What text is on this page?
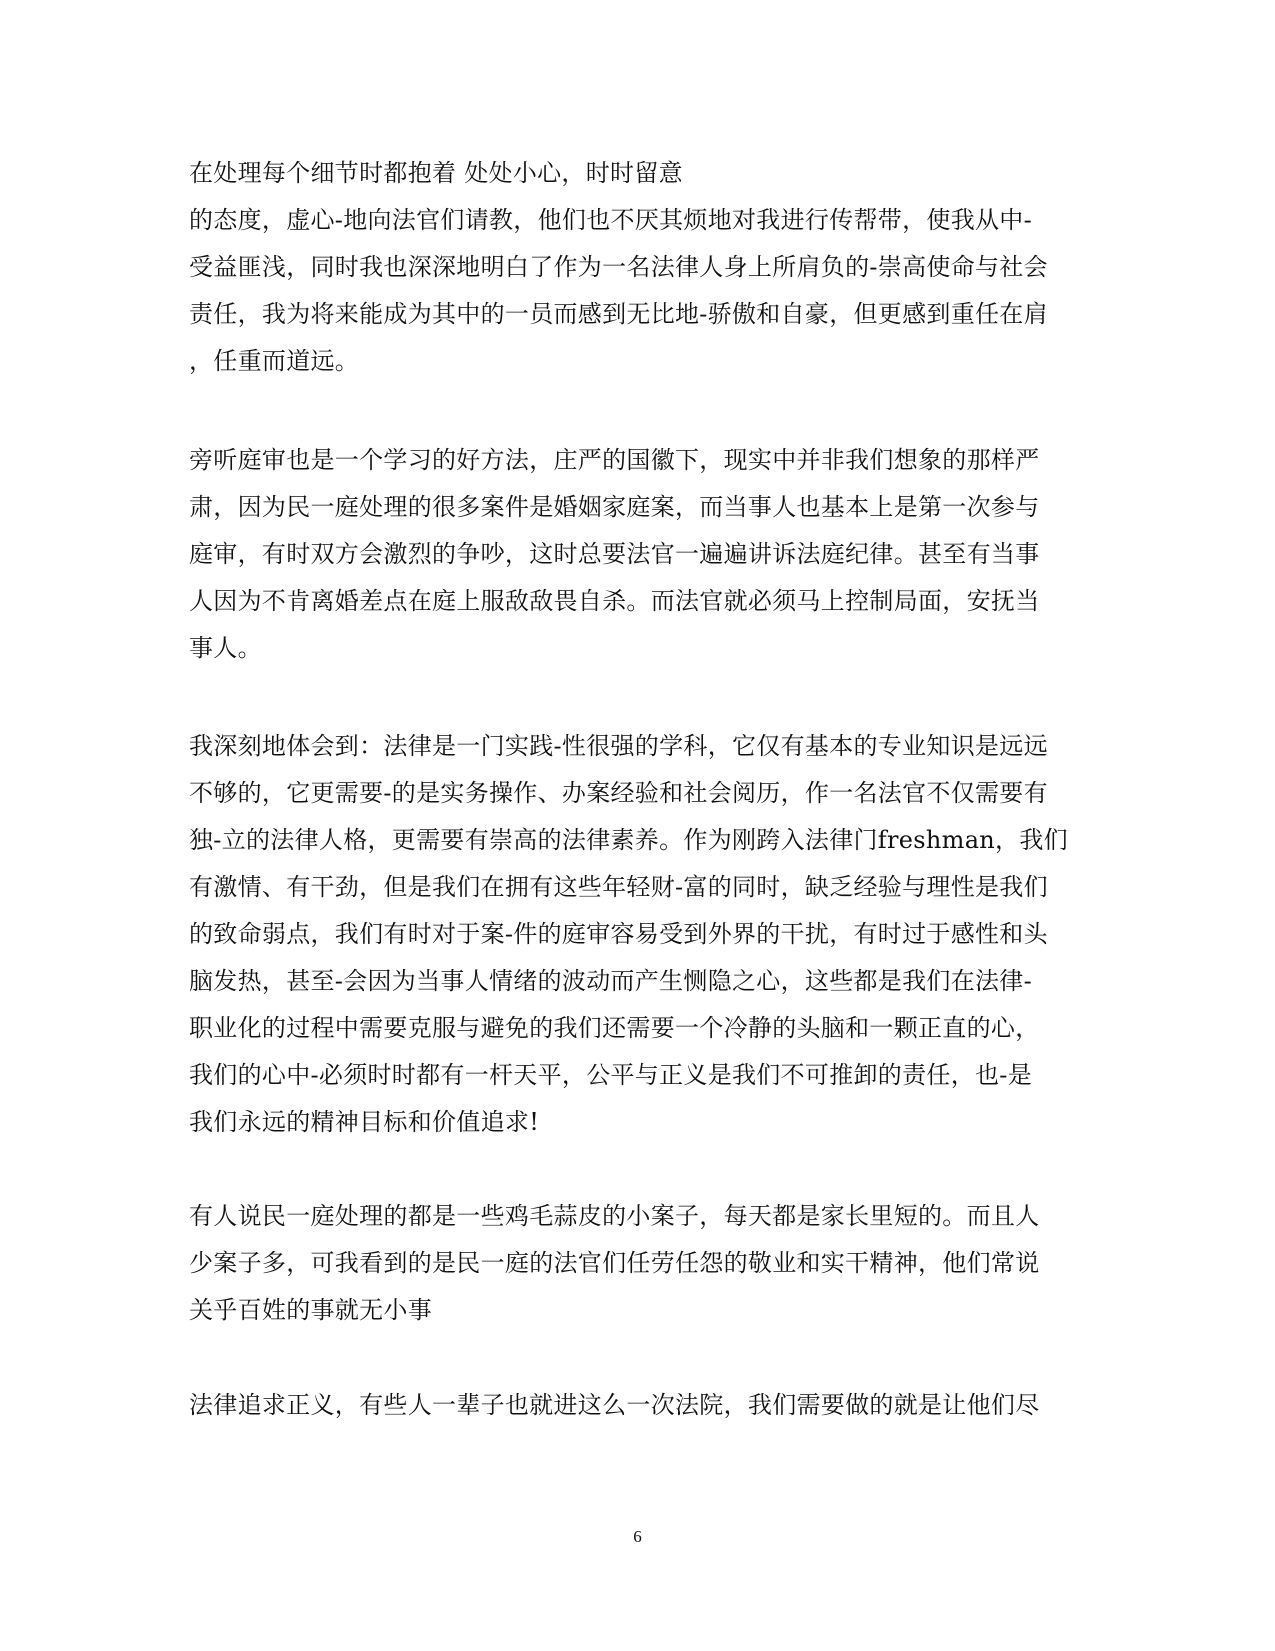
在处理每个细节时都抱着 处处小心，时时留意
的态度，虚心-地向法官们请教，他们也不厌其烦地对我进行传帮带，使我从中-
受益匪浅，同时我也深深地明白了作为一名法律人身上所肩负的-崇高使命与社会
责任，我为将来能成为其中的一员而感到无比地-骄傲和自豪，但更感到重任在肩
，任重而道远。
旁听庭审也是一个学习的好方法，庄严的国徽下，现实中并非我们想象的那样严
肃，因为民一庭处理的很多案件是婚姻家庭案，而当事人也基本上是第一次参与
庭审，有时双方会激烈的争吵，这时总要法官一遍遍讲诉法庭纪律。甚至有当事
人因为不肯离婚差点在庭上服敌敌畏自杀。而法官就必须马上控制局面，安抚当
事人。
我深刻地体会到：法律是一门实践-性很强的学科，它仅有基本的专业知识是远远
不够的，它更需要-的是实务操作、办案经验和社会阅历，作一名法官不仅需要有
独-立的法律人格，更需要有崇高的法律素养。作为刚跨入法律门freshman，我们
有激情、有干劲，但是我们在拥有这些年轻财-富的同时，缺乏经验与理性是我们
的致命弱点，我们有时对于案-件的庭审容易受到外界的干扰，有时过于感性和头
脑发热，甚至-会因为当事人情绪的波动而产生恻隐之心，这些都是我们在法律-
职业化的过程中需要克服与避免的我们还需要一个冷静的头脑和一颗正直的心，
我们的心中-必须时时都有一杆天平，公平与正义是我们不可推卸的责任，也-是
我们永远的精神目标和价值追求!
有人说民一庭处理的都是一些鸡毛蒜皮的小案子，每天都是家长里短的。而且人
少案子多，可我看到的是民一庭的法官们任劳任怨的敬业和实干精神，他们常说
关乎百姓的事就无小事
法律追求正义，有些人一辈子也就进这么一次法院，我们需要做的就是让他们尽
6
